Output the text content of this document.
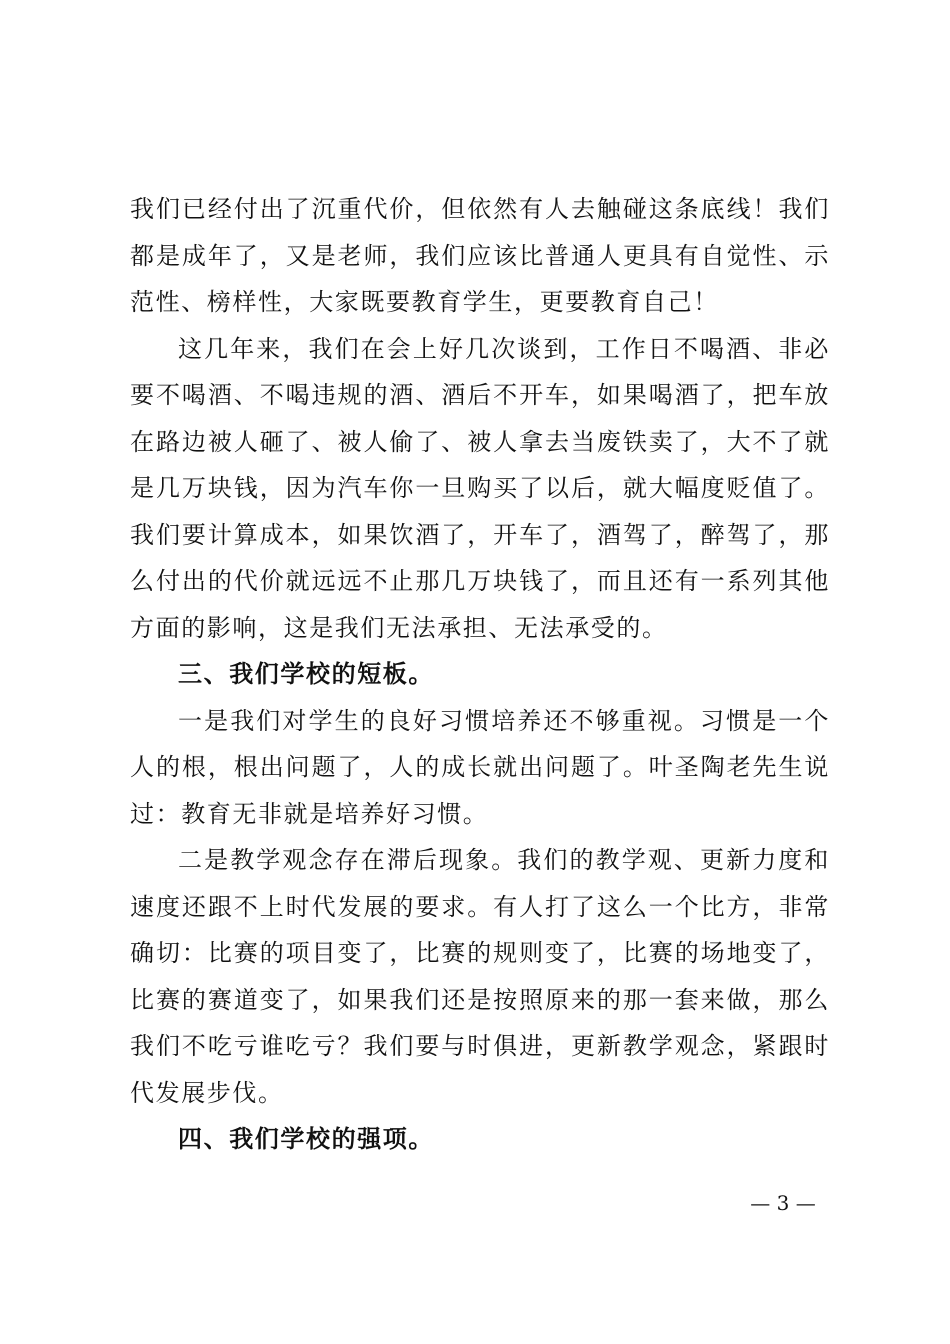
我们已经付出了沉重代价，但依然有人去触碰这条底线！我们都是成年了，又是老师，我们应该比普通人更具有自觉性、示范性、榜样性，大家既要教育学生，更要教育自己！

这几年来，我们在会上好几次谈到，工作日不喝酒、非必要不喝酒、不喝违规的酒、酒后不开车，如果喝酒了，把车放在路边被人砸了、被人偷了、被人拿去当废铁卖了，大不了就是几万块钱，因为汽车你一旦购买了以后，就大幅度贬值了。我们要计算成本，如果饮酒了，开车了，酒驾了，醉驾了，那么付出的代价就远远不止那几万块钱了，而且还有一系列其他方面的影响，这是我们无法承担、无法承受的。

三、我们学校的短板。

一是我们对学生的良好习惯培养还不够重视。习惯是一个人的根，根出问题了，人的成长就出问题了。叶圣陶老先生说过：教育无非就是培养好习惯。

二是教学观念存在滞后现象。我们的教学观、更新力度和速度还跟不上时代发展的要求。有人打了这么一个比方，非常确切：比赛的项目变了，比赛的规则变了，比赛的场地变了，比赛的赛道变了，如果我们还是按照原来的那一套来做，那么我们不吃亏谁吃亏？我们要与时俱进，更新教学观念，紧跟时代发展步伐。

四、我们学校的强项。

— 3 —
